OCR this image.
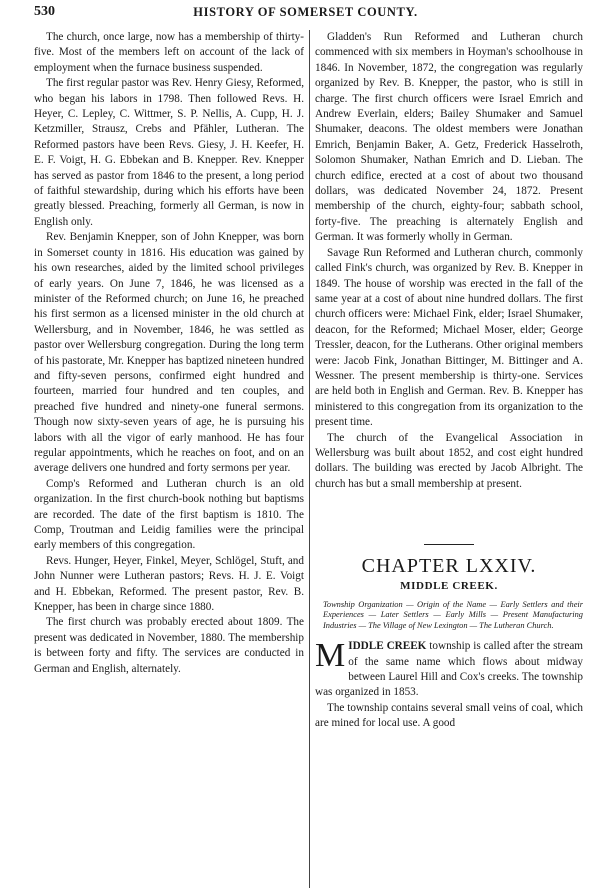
530	HISTORY OF SOMERSET COUNTY.

The church, once large, now has a membership of thirty-five. Most of the members left on account of the lack of employment when the furnace business suspended.

The first regular pastor was Rev. Henry Giesy, Reformed, who began his labors in 1798. Then followed Revs. H. Heyer, C. Lepley, C. Wittmer, S. P. Nellis, A. Cupp, H. J. Ketzmiller, Strausz, Crebs and Pfähler, Lutheran. The Reformed pastors have been Revs. Giesy, J. H. Keefer, H. E. F. Voigt, H. G. Ebbekan and B. Knepper. Rev. Knepper has served as pastor from 1846 to the present, a long period of faithful stewardship, during which his efforts have been greatly blessed. Preaching, formerly all German, is now in English only.

Rev. Benjamin Knepper, son of John Knepper, was born in Somerset county in 1816. His education was gained by his own researches, aided by the limited school privileges of early years. On June 7, 1846, he was licensed as a minister of the Reformed church; on June 16, he preached his first sermon as a licensed minister in the old church at Wellersburg, and in November, 1846, he was settled as pastor over Wellersburg congregation. During the long term of his pastorate, Mr. Knepper has baptized nineteen hundred and fifty-seven persons, confirmed eight hundred and fourteen, married four hundred and ten couples, and preached five hundred and ninety-one funeral sermons. Though now sixty-seven years of age, he is pursuing his labors with all the vigor of early manhood. He has four regular appointments, which he reaches on foot, and on an average delivers one hundred and forty sermons per year.

Comp's Reformed and Lutheran church is an old organization. In the first church-book nothing but baptisms are recorded. The date of the first baptism is 1810. The Comp, Troutman and Leidig families were the principal early members of this congregation.

Revs. Hunger, Heyer, Finkel, Meyer, Schlögel, Stuft, and John Nunner were Lutheran pastors; Revs. H. J. E. Voigt and H. Ebbekan, Reformed. The present pastor, Rev. B. Knepper, has been in charge since 1880.

The first church was probably erected about 1809. The present was dedicated in November, 1880. The membership is between forty and fifty. The services are conducted in German and English, alternately.

Gladden's Run Reformed and Lutheran church commenced with six members in Hoyman's schoolhouse in 1846. In November, 1872, the congregation was regularly organized by Rev. B. Knepper, the pastor, who is still in charge. The first church officers were Israel Emrich and Andrew Everlain, elders; Bailey Shumaker and Samuel Shumaker, deacons. The oldest members were Jonathan Emrich, Benjamin Baker, A. Getz, Frederick Hasselroth, Solomon Shumaker, Nathan Emrich and D. Lieban. The church edifice, erected at a cost of about two thousand dollars, was dedicated November 24, 1872. Present membership of the church, eighty-four; sabbath school, forty-five. The preaching is alternately English and German. It was formerly wholly in German.

Savage Run Reformed and Lutheran church, commonly called Fink's church, was organized by Rev. B. Knepper in 1849. The house of worship was erected in the fall of the same year at a cost of about nine hundred dollars. The first church officers were: Michael Fink, elder; Israel Shumaker, deacon, for the Reformed; Michael Moser, elder; George Tressler, deacon, for the Lutherans. Other original members were: Jacob Fink, Jonathan Bittinger, M. Bittinger and A. Wessner. The present membership is thirty-one. Services are held both in English and German. Rev. B. Knepper has ministered to this congregation from its organization to the present time.

The church of the Evangelical Association in Wellersburg was built about 1852, and cost eight hundred dollars. The building was erected by Jacob Albright. The church has but a small membership at present.

CHAPTER LXXIV.
MIDDLE CREEK.

Township Organization — Origin of the Name — Early Settlers and their Experiences — Later Settlers — Early Mills — Present Manufacturing Industries — The Village of New Lexington — The Lutheran Church.

MIDDLE CREEK township is called after the stream of the same name which flows about midway between Laurel Hill and Cox's creeks. The township was organized in 1853.

The township contains several small veins of coal, which are mined for local use. A good
